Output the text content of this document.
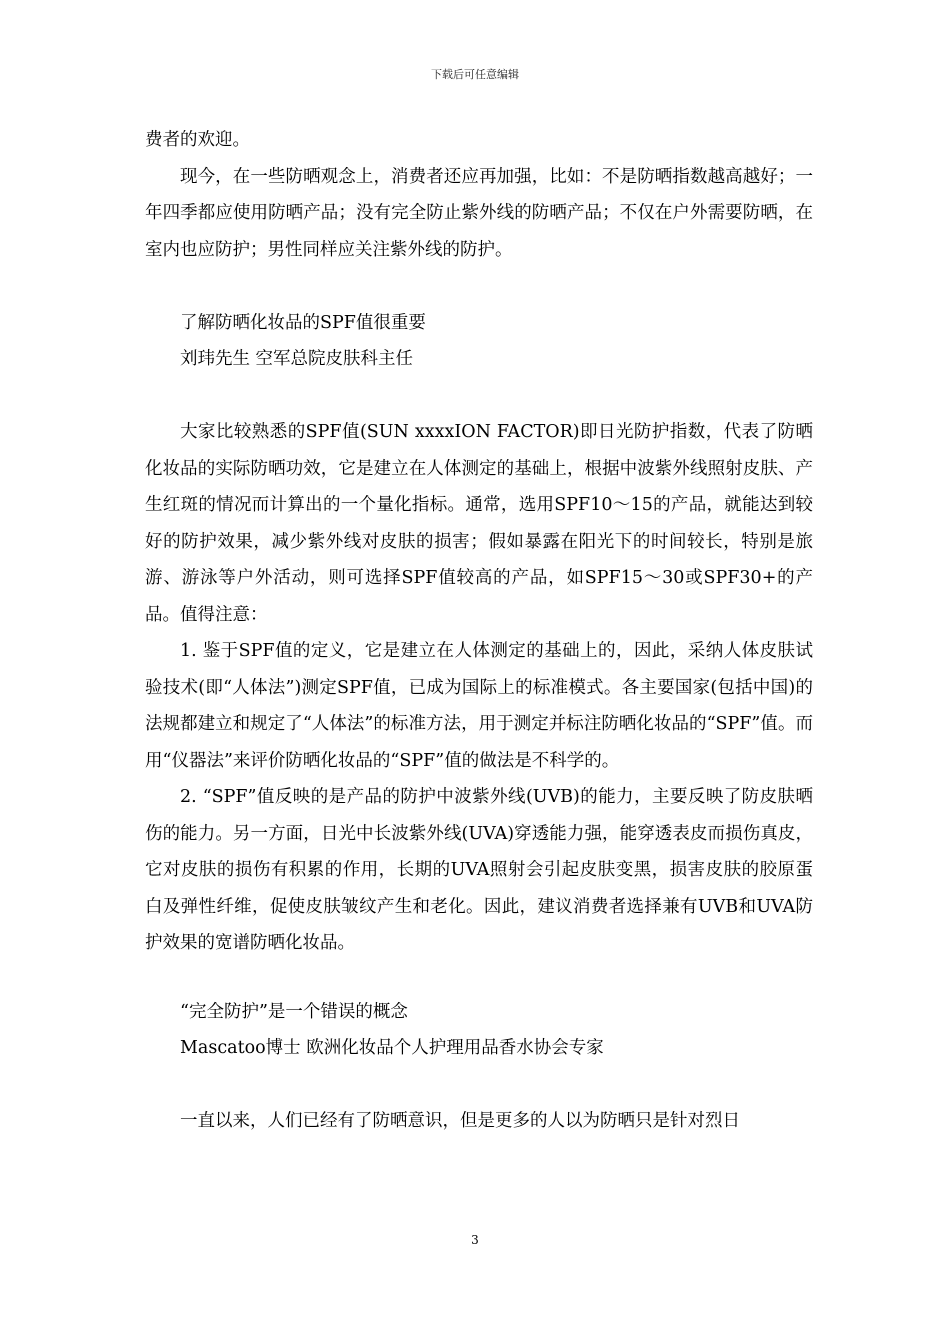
下载后可任意编辑

费者的欢迎。

现今，在一些防晒观念上，消费者还应再加强，比如：不是防晒指数越高越好；一年四季都应使用防晒产品；没有完全防止紫外线的防晒产品；不仅在户外需要防晒，在室内也应防护；男性同样应关注紫外线的防护。

了解防晒化妆品的SPF值很重要

刘玮先生 空军总院皮肤科主任

大家比较熟悉的SPF值(SUN xxxxION FACTOR)即日光防护指数，代表了防晒化妆品的实际防晒功效，它是建立在人体测定的基础上，根据中波紫外线照射皮肤、产生红斑的情况而计算出的一个量化指标。通常，选用SPF10～15的产品，就能达到较好的防护效果，减少紫外线对皮肤的损害；假如暴露在阳光下的时间较长，特别是旅游、游泳等户外活动，则可选择SPF值较高的产品，如SPF15～30或SPF30+的产品。值得注意：

1. 鉴于SPF值的定义，它是建立在人体测定的基础上的，因此，采纳人体皮肤试验技术(即“人体法”)测定SPF值，已成为国际上的标准模式。各主要国家(包括中国)的法规都建立和规定了“人体法”的标准方法，用于测定并标注防晒化妆品的“SPF”值。而用“仪器法”来评价防晒化妆品的“SPF”值的做法是不科学的。

2. “SPF”值反映的是产品的防护中波紫外线(UVB)的能力，主要反映了防皮肤晒伤的能力。另一方面，日光中长波紫外线(UVA)穿透能力强，能穿透表皮而损伤真皮，它对皮肤的损伤有积累的作用，长期的UVA照射会引起皮肤变黑，损害皮肤的胶原蛋白及弹性纤维，促使皮肤皱纹产生和老化。因此，建议消费者选择兼有UVB和UVA防护效果的宽谱防晒化妆品。

“完全防护”是一个错误的概念

Mascatoo博士 欧洲化妆品个人护理用品香水协会专家

一直以来，人们已经有了防晒意识，但是更多的人以为防晒只是针对烈日

3
